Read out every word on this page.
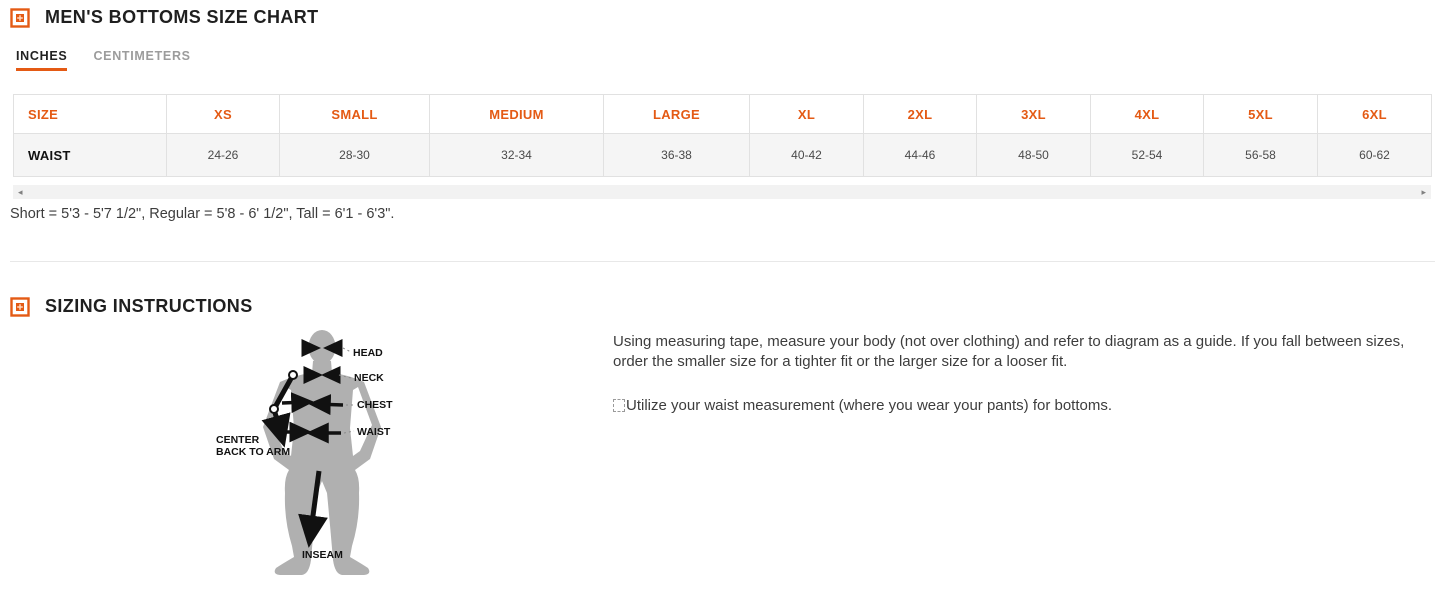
MEN'S BOTTOMS SIZE CHART
INCHES CENTIMETERS
SIZE	XS	SMALL	MEDIUM	LARGE	XL	2XL	3XL	4XL	5XL	6XL
WAIST	24-26	28-30	32-34	36-38	40-42	44-46	48-50	52-54	56-58	60-62
◂	▸
Short = 5'3 - 5'7 1/2", Regular = 5'8 - 6' 1/2", Tall = 6'1 - 6'3".
SIZING INSTRUCTIONS
HEAD
NECK
CHEST
WAIST
CENTER
BACK TO ARM
INSEAM

Using measuring tape, measure your body (not over clothing) and refer to diagram as a guide. If you fall between sizes, order the smaller size for a tighter fit or the larger size for a looser fit.

Utilize your waist measurement (where you wear your pants) for bottoms.
